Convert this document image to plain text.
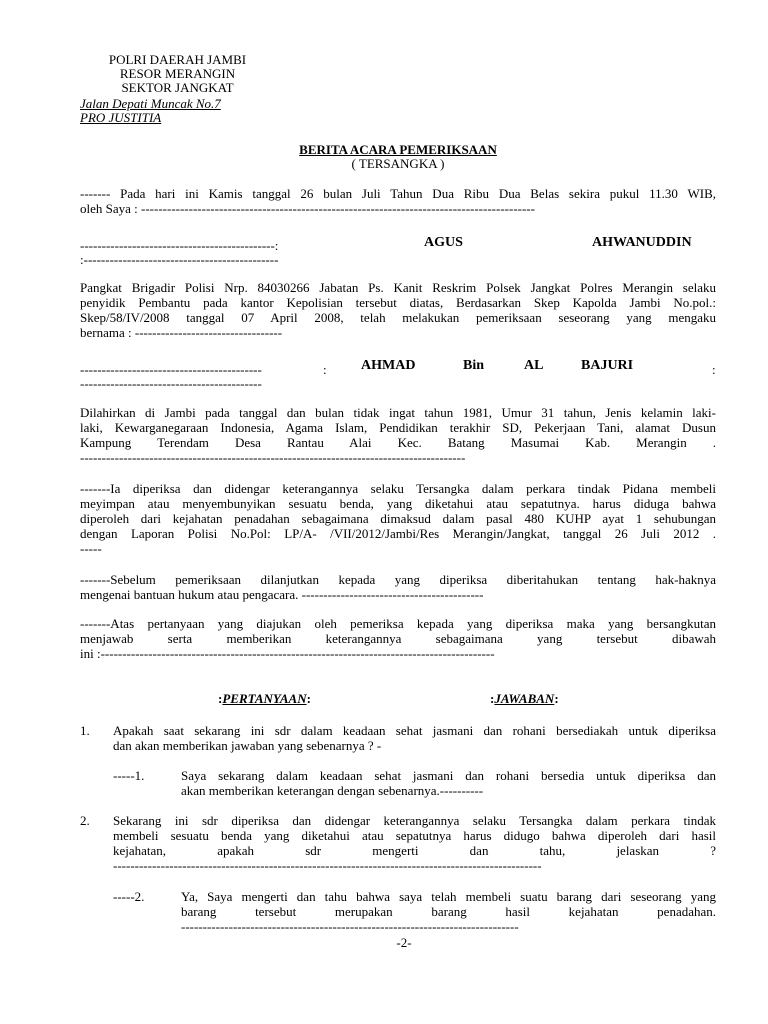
POLRI DAERAH JAMBI
RESOR MERANGIN
SEKTOR JANGKAT
Jalan Depati Muncak No.7
PRO JUSTITIA
BERITA ACARA PEMERIKSAAN
( TERSANGKA )
------- Pada hari ini Kamis tanggal 26 bulan Juli Tahun Dua Ribu Dua Belas sekira pukul 11.30 WIB,
oleh Saya : -------------------------------------------------------------------------------------------
---------------------------------------------:	AGUS	AHWANUDDIN
:---------------------------------------------
Pangkat Brigadir Polisi Nrp. 84030266 Jabatan Ps. Kanit Reskrim Polsek Jangkat Polres Merangin selaku
penyidik Pembantu pada kantor Kepolisian tersebut diatas, Berdasarkan Skep Kapolda Jambi No.pol.:
Skep/58/IV/2008 tanggal 07 April 2008, telah melakukan pemeriksaan seseorang yang mengaku
bernama : ----------------------------------
------------------------------------------	: AHMAD	Bin	AL	BAJURI	:
------------------------------------------
Dilahirkan di Jambi pada tanggal dan bulan tidak ingat tahun 1981, Umur 31 tahun, Jenis kelamin laki-
laki, Kewarganegaraan Indonesia, Agama Islam, Pendidikan terakhir SD, Pekerjaan Tani, alamat Dusun
Kampung Terendam Desa Rantau Alai Kec. Batang Masumai Kab. Merangin .
-----------------------------------------------------------------------------------------
-------Ia diperiksa dan didengar keterangannya selaku Tersangka dalam perkara tindak Pidana membeli
meyimpan atau menyembunyikan sesuatu benda, yang diketahui atau sepatutnya. harus diduga bahwa
diperoleh dari kejahatan penadahan sebagaimana dimaksud dalam pasal 480 KUHP ayat 1 sehubungan
dengan Laporan Polisi No.Pol: LP/A- /VII/2012/Jambi/Res Merangin/Jangkat, tanggal 26 Juli 2012 .
-----
-------Sebelum pemeriksaan dilanjutkan kepada yang diperiksa diberitahukan tentang hak-haknya
mengenai bantuan hukum atau pengacara. ------------------------------------------
-------Atas pertanyaan yang diajukan oleh pemeriksa kepada yang diperiksa maka yang bersangkutan
menjawab serta memberikan keterangannya sebagaimana yang tersebut dibawah
ini :-------------------------------------------------------------------------------------------
:PERTANYAAN:	:JAWABAN:
1. Apakah saat sekarang ini sdr dalam keadaan sehat jasmani dan rohani bersediakah untuk diperiksa
dan akan memberikan jawaban yang sebenarnya ? -
-----1.	Saya sekarang dalam keadaan sehat jasmani dan rohani bersedia untuk diperiksa dan
akan memberikan keterangan dengan sebenarnya.----------
2. Sekarang ini sdr diperiksa dan didengar keterangannya selaku Tersangka dalam perkara tindak
membeli sesuatu benda yang diketahui atau sepatutnya harus didugo bahwa diperoleh dari hasil
kejahatan, apakah sdr mengerti dan tahu, jelaskan ?
---------------------------------------------------------------------------------------------------
-----2.	Ya, Saya mengerti dan tahu bahwa saya telah membeli suatu barang dari seseorang yang
barang tersebut merupakan barang hasil kejahatan penadahan.
------------------------------------------------------------------------------
-2-
